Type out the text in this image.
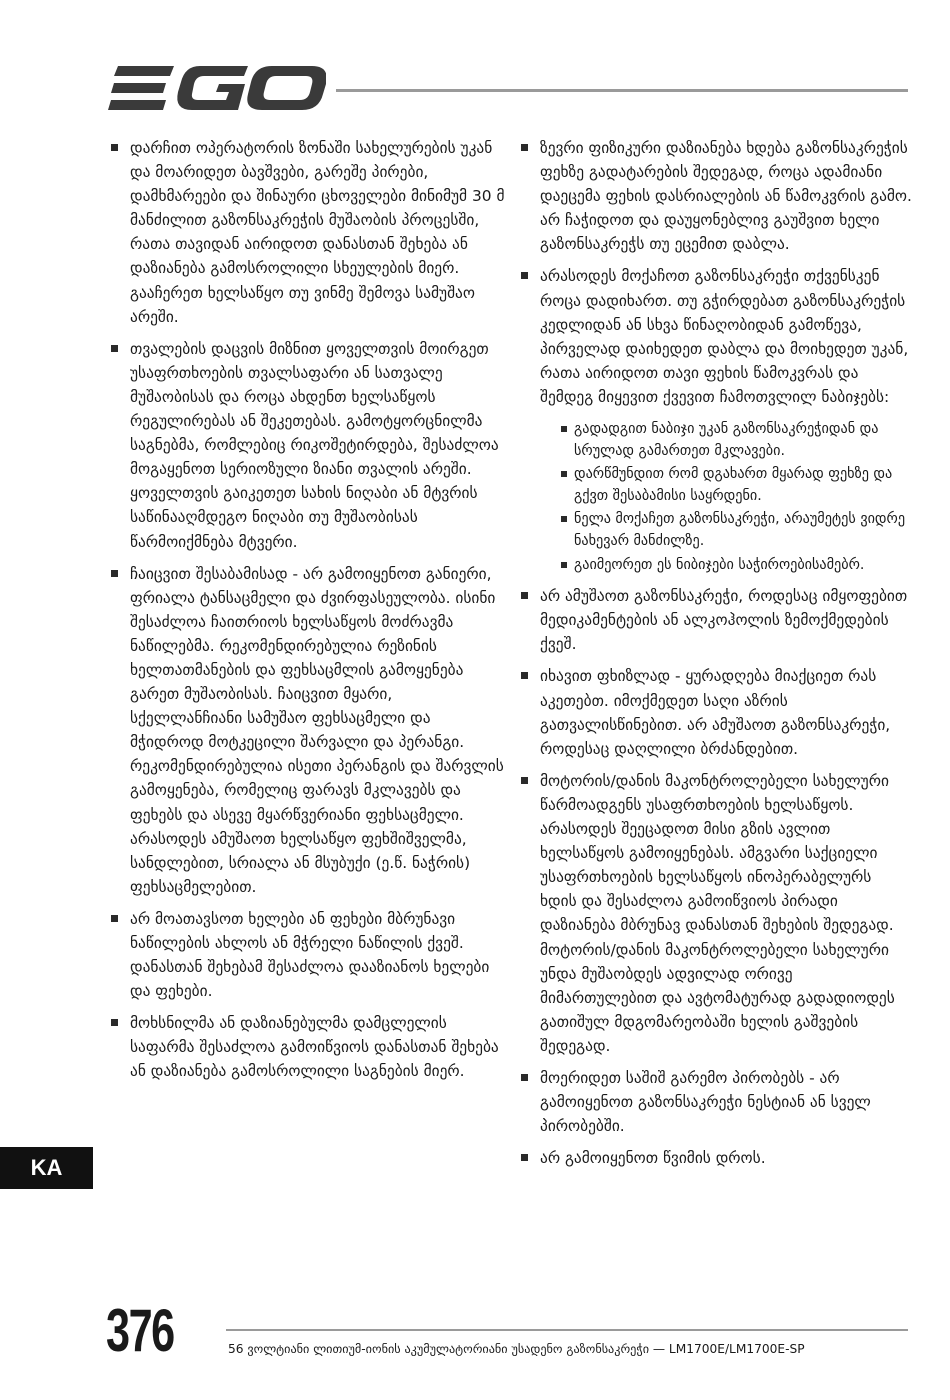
დარჩით ოპერატორის ზონაში სახელურების უკან და მოარიდეთ ბავშვები, გარეშე პირები, დამხმარეები და შინაური ცხოველები მინიმუმ 30 მ მანძილით გაზონსაკრეჭის მუშაობის პროცესში, რათა თავიდან აირიდოთ დანასთან შეხება ან დაზიანება გამოსროლილი სხეულების მიერ. გააჩერეთ ხელსაწყო თუ ვინმე შემოვა სამუშაო არეში.
თვალების დაცვის მიზნით ყოველთვის მოირგეთ უსაფრთხოების თვალსაფარი ან სათვალე მუშაობისას და როცა ახდენთ ხელსაწყოს რეგულირებას ან შეკეთებას. გამოტყორცნილმა საგნებმა, რომლებიც რიკოშეტირდება, შესაძლოა მოგაყენოთ სერიოზული ზიანი თვალის არეში. ყოველთვის გაიკეთეთ სახის ნიღაბი ან მტვრის საწინააღმდეგო ნიღაბი თუ მუშაობისას წარმოიქმნება მტვერი.
ჩაიცვით შესაბამისად - არ გამოიყენოთ განიერი, ფრიალა ტანსაცმელი და ძვირფასეულობა. ისინი შესაძლოა ჩაითრიოს ხელსაწყოს მოძრავმა ნაწილებმა. რეკომენდირებულია რეზინის ხელთათმანების და ფეხსაცმლის გამოყენება გარეთ მუშაობისას. ჩაიცვით მყარი, სქელლანჩიანი სამუშაო ფეხსაცმელი და მჭიდროდ მოტკეცილი შარვალი და პერანგი. რეკომენდირებულია ისეთი პერანგის და შარვლის გამოყენება, რომელიც ფარავს მკლავებს და ფეხებს და ასევე მყარწვერიანი ფეხსაცმელი. არასოდეს ამუშაოთ ხელსაწყო ფეხშიშველმა, სანდლებით, სრიალა ან მსუბუქი (ე.წ. ნაჭრის) ფეხსაცმელებით.
არ მოათავსოთ ხელები ან ფეხები მბრუნავი ნაწილების ახლოს ან მჭრელი ნაწილის ქვეშ. დანასთან შეხებამ შესაძლოა დააზიანოს ხელები და ფეხები.
მოხსნილმა ან დაზიანებულმა დამცლელის საფარმა შესაძლოა გამოიწვიოს დანასთან შეხება ან დაზიანება გამოსროლილი საგნების მიერ.
ზევრი ფიზიკური დაზიანება ხდება გაზონსაკრეჭის ფეხზე გადატარების შედეგად, როცა ადამიანი დაეცემა ფეხის დასრიალების ან წამოკვრის გამო. არ ჩაჭიდოთ და დაუყონებლივ გაუშვით ხელი გაზონსაკრეჭს თუ ეცემით დაბლა.
არასოდეს მოქაჩოთ გაზონსაკრეჭი თქვენსკენ როცა დადიხართ. თუ გჭირდებათ გაზონსაკრეჭის კედლიდან ან სხვა წინაღობიდან გამოწევა, პირველად დაიხედეთ დაბლა და მოიხედეთ უკან, რათა აირიდოთ თავი ფეხის წამოკვრას და შემდეგ მიყევით ქვევით ჩამოთვლილ ნაბიჯებს:
გადადგით ნაბიჯი უკან გაზონსაკრეჭიდან და სრულად გამართეთ მკლავები.
დარწმუნდით რომ დგახართ მყარად ფეხზე და გქვთ შესაბამისი საყრდენი.
ნელა მოქაჩეთ გაზონსაკრეჭი, არაუმეტეს ვიდრე ნახევარ მანძილზე.
გაიმეორეთ ეს ნიბიჯები საჭიროებისამებრ.
არ ამუშაოთ გაზონსაკრეჭი, როდესაც იმყოფებით მედიკამენტების ან ალკოჰოლის ზემოქმედების ქვეშ.
იხავით ფხიზლად - ყურადღება მიაქციეთ რას აკეთებთ. იმოქმედეთ საღი აზრის გათვალისწინებით. არ ამუშაოთ გაზონსაკრეჭი, როდესაც დაღლილი ბრძანდებით.
მოტორის/დანის მაკონტროლებელი სახელური წარმოადგენს უსაფრთხოების ხელსაწყოს. არასოდეს შეეცადოთ მისი გზის ავლით ხელსაწყოს გამოიყენებას. ამგვარი საქციელი უსაფრთხოების ხელსაწყოს ინოპერაბელურს ხდის და შესაძლოა გამოიწვიოს პირადი დაზიანება მბრუნავ დანასთან შეხების შედეგად. მოტორის/დანის მაკონტროლებელი სახელური უნდა მუშაობდეს ადვილად ორივე მიმართულებით და ავტომატურად გადადიოდეს გათიშულ მდგომარეობაში ხელის გაშვების შედეგად.
მოერიდეთ საშიშ გარემო პირობებს - არ გამოიყენოთ გაზონსაკრეჭი ნესტიან ან სველ პირობებში.
არ გამოიყენოთ წვიმის დროს.
KA
376	56 ვოლტიანი ლითიუმ-იონის აკუმულატორიანი უსადენო გაზონსაკრეჭი — LM1700E/LM1700E-SP
